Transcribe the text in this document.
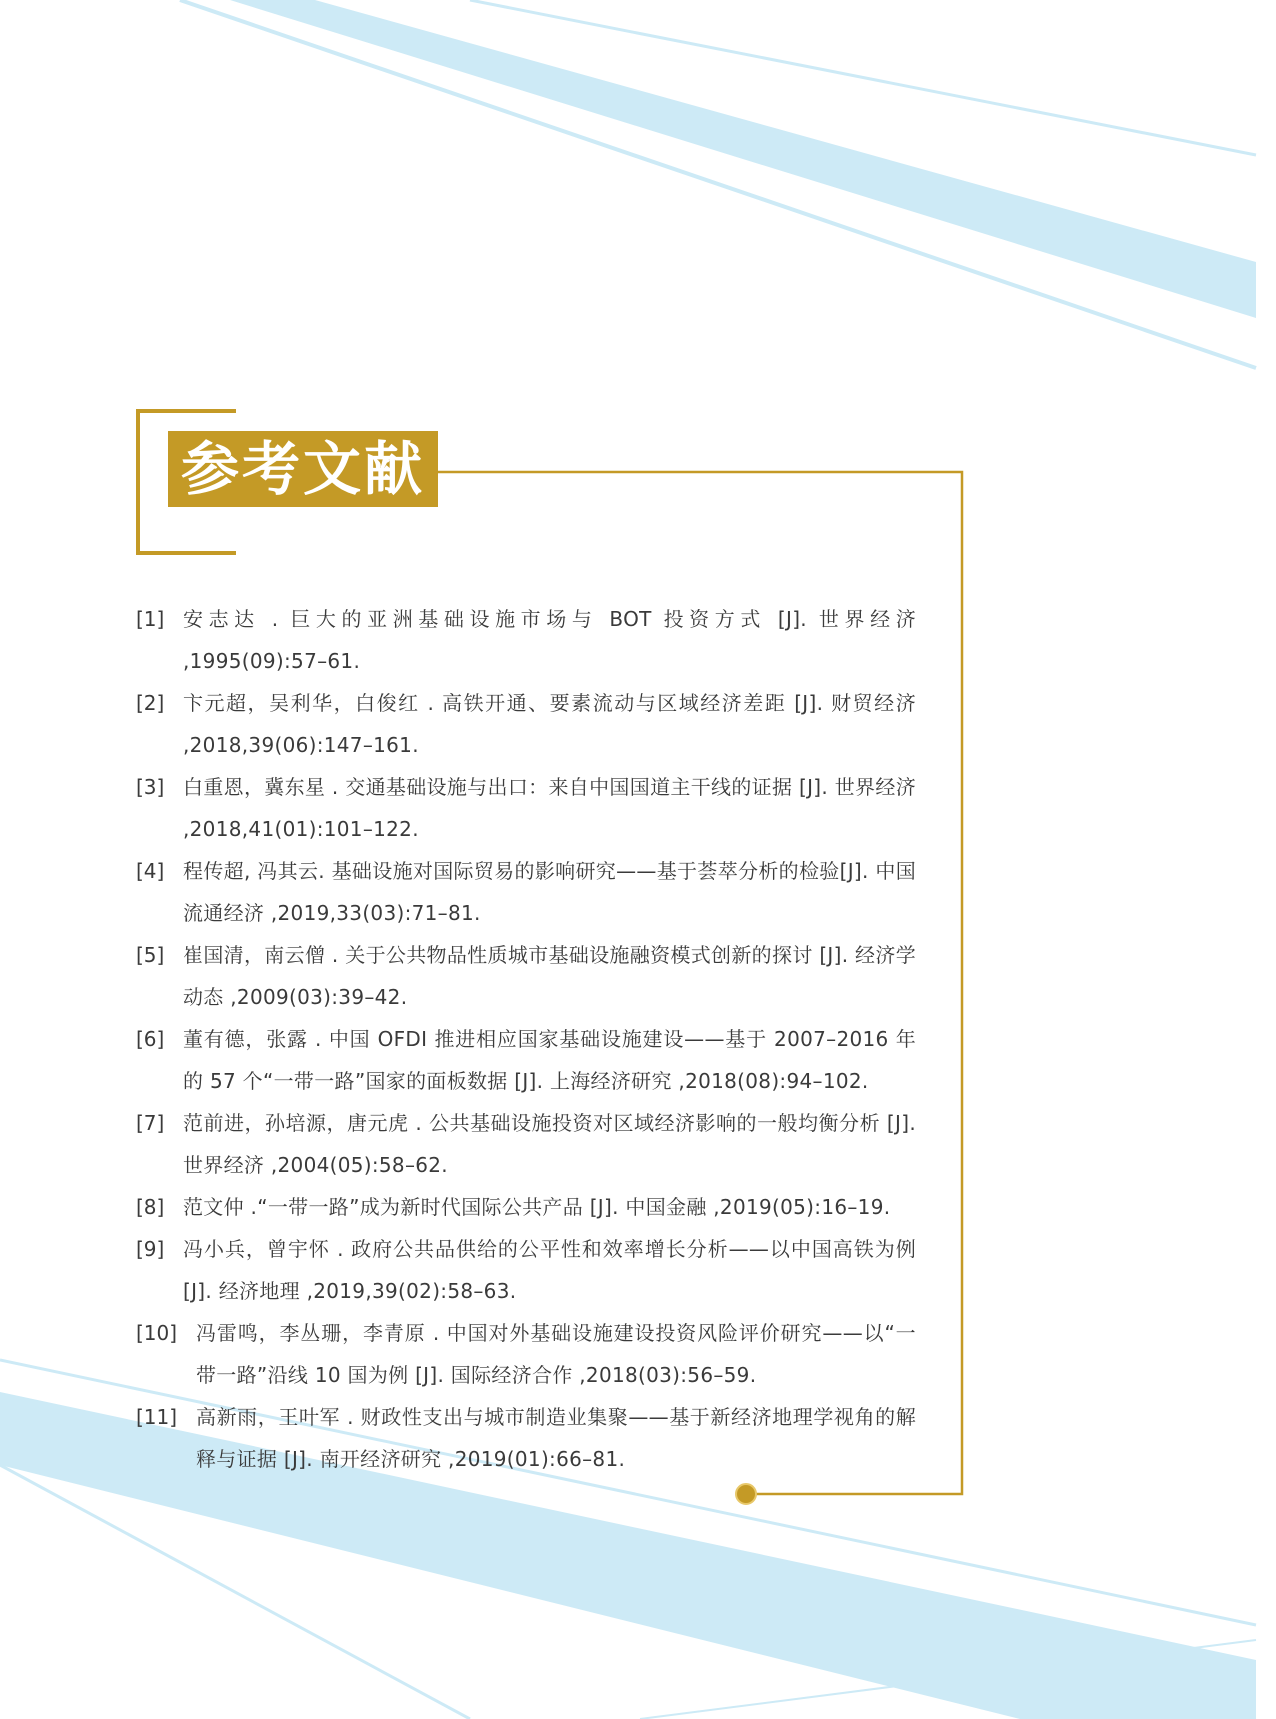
参考文献
[1] 安志达 . 巨大的亚洲基础设施市场与 BOT 投资方式 [J]. 世界经济 ,1995(09):57–61.
[2] 卞元超，吴利华，白俊红 . 高铁开通、要素流动与区域经济差距 [J]. 财贸经济 ,2018,39(06):147–161.
[3] 白重恩，冀东星 . 交通基础设施与出口：来自中国国道主干线的证据 [J]. 世界经济 ,2018,41(01):101–122.
[4] 程传超, 冯其云. 基础设施对国际贸易的影响研究——基于荟萃分析的检验[J]. 中国流通经济 ,2019,33(03):71–81.
[5] 崔国清，南云僧 . 关于公共物品性质城市基础设施融资模式创新的探讨 [J]. 经济学动态 ,2009(03):39–42.
[6] 董有德，张露 . 中国 OFDI 推进相应国家基础设施建设——基于 2007–2016 年的 57 个“一带一路”国家的面板数据 [J]. 上海经济研究 ,2018(08):94–102.
[7] 范前进，孙培源，唐元虎 . 公共基础设施投资对区域经济影响的一般均衡分析 [J]. 世界经济 ,2004(05):58–62.
[8] 范文仲 .“一带一路”成为新时代国际公共产品 [J]. 中国金融 ,2019(05):16–19.
[9] 冯小兵，曾宇怀 . 政府公共品供给的公平性和效率增长分析——以中国高铁为例 [J]. 经济地理 ,2019,39(02):58–63.
[10] 冯雷鸣，李丛珊，李青原 . 中国对外基础设施建设投资风险评价研究——以“一带一路”沿线 10 国为例 [J]. 国际经济合作 ,2018(03):56–59.
[11] 高新雨，王叶军 . 财政性支出与城市制造业集聚——基于新经济地理学视角的解释与证据 [J]. 南开经济研究 ,2019(01):66–81.
